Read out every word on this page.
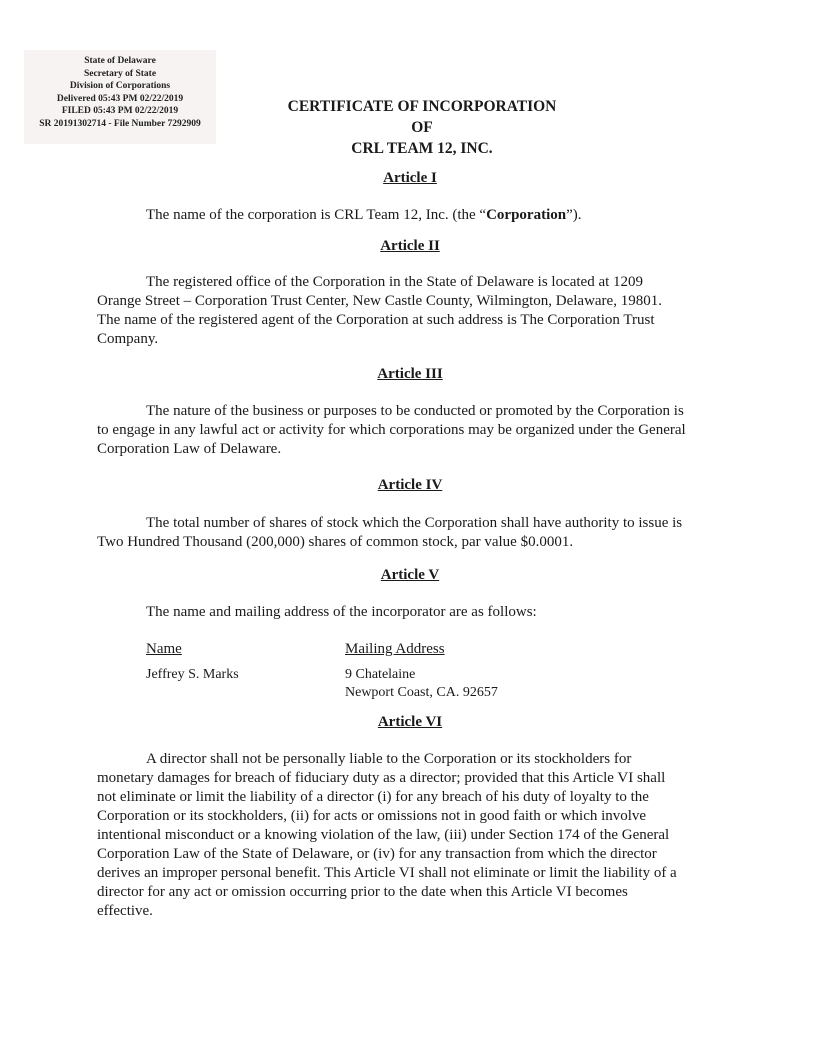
State of Delaware
Secretary of State
Division of Corporations
Delivered 05:43 PM 02/22/2019
FILED 05:43 PM 02/22/2019
SR 20191302714 - File Number 7292909
CERTIFICATE OF INCORPORATION
OF
CRL TEAM 12, INC.
Article I
The name of the corporation is CRL Team 12, Inc. (the “Corporation”).
Article II
The registered office of the Corporation in the State of Delaware is located at 1209
Orange Street – Corporation Trust Center, New Castle County, Wilmington, Delaware, 19801.
The name of the registered agent of the Corporation at such address is The Corporation Trust
Company.
Article III
The nature of the business or purposes to be conducted or promoted by the Corporation is
to engage in any lawful act or activity for which corporations may be organized under the General
Corporation Law of Delaware.
Article IV
The total number of shares of stock which the Corporation shall have authority to issue is
Two Hundred Thousand (200,000) shares of common stock, par value $0.0001.
Article V
The name and mailing address of the incorporator are as follows:
Name
Jeffrey S. Marks
Mailing Address
9 Chatelaine
Newport Coast, CA. 92657
Article VI
A director shall not be personally liable to the Corporation or its stockholders for
monetary damages for breach of fiduciary duty as a director; provided that this Article VI shall
not eliminate or limit the liability of a director (i) for any breach of his duty of loyalty to the
Corporation or its stockholders, (ii) for acts or omissions not in good faith or which involve
intentional misconduct or a knowing violation of the law, (iii) under Section 174 of the General
Corporation Law of the State of Delaware, or (iv) for any transaction from which the director
derives an improper personal benefit. This Article VI shall not eliminate or limit the liability of a
director for any act or omission occurring prior to the date when this Article VI becomes
effective.
